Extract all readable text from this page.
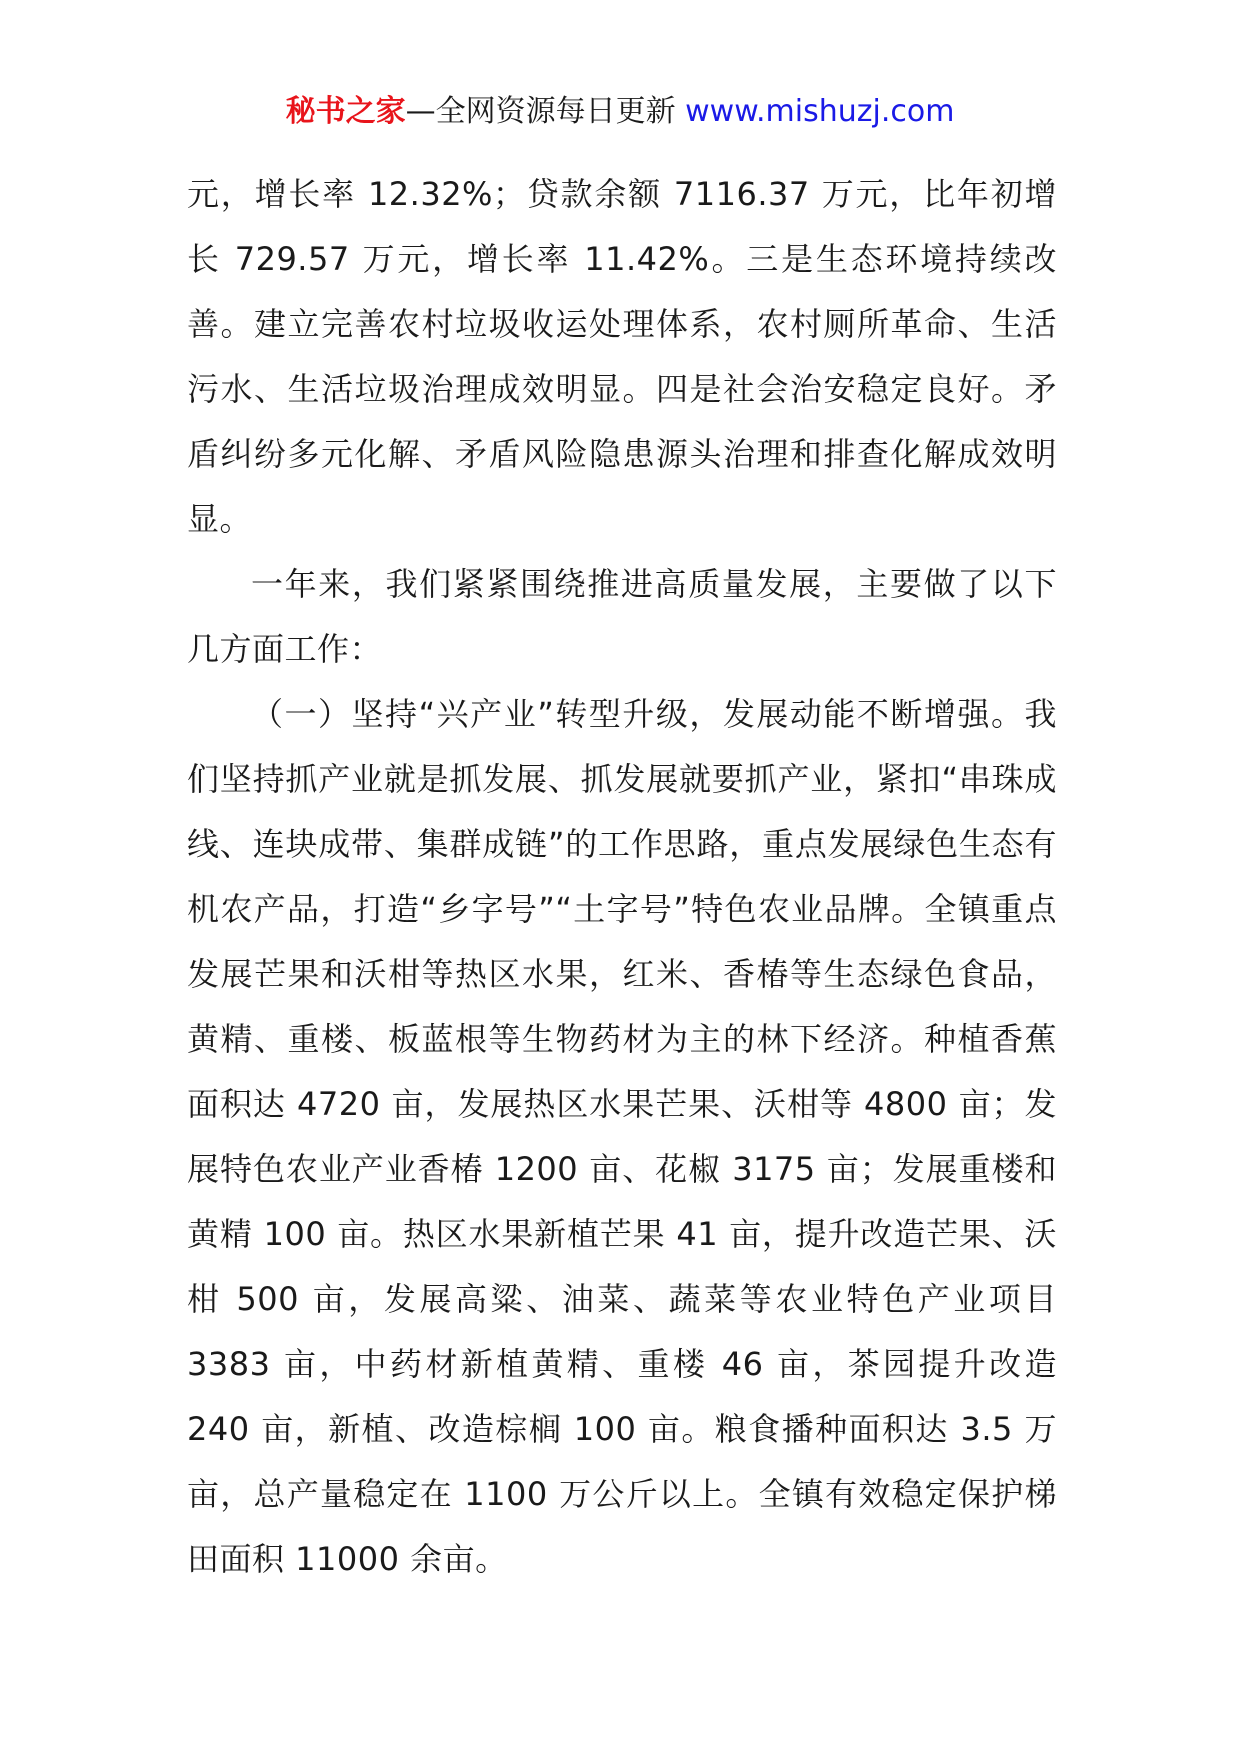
秘书之家—全网资源每日更新 www.mishuzj.com

元，增长率 12.32%；贷款余额 7116.37 万元，比年初增长 729.57 万元，增长率 11.42%。三是生态环境持续改善。建立完善农村垃圾收运处理体系，农村厕所革命、生活污水、生活垃圾治理成效明显。四是社会治安稳定良好。矛盾纠纷多元化解、矛盾风险隐患源头治理和排查化解成效明显。

一年来，我们紧紧围绕推进高质量发展，主要做了以下几方面工作：

（一）坚持“兴产业”转型升级，发展动能不断增强。我们坚持抓产业就是抓发展、抓发展就要抓产业，紧扣“串珠成线、连块成带、集群成链”的工作思路，重点发展绿色生态有机农产品，打造“乡字号”“土字号”特色农业品牌。全镇重点发展芒果和沃柑等热区水果，红米、香椿等生态绿色食品，黄精、重楼、板蓝根等生物药材为主的林下经济。种植香蕉面积达 4720 亩，发展热区水果芒果、沃柑等 4800 亩；发展特色农业产业香椿 1200 亩、花椒 3175 亩；发展重楼和黄精 100 亩。热区水果新植芒果 41 亩，提升改造芒果、沃柑 500 亩，发展高粱、油菜、蔬菜等农业特色产业项目 3383 亩，中药材新植黄精、重楼 46 亩，茶园提升改造 240 亩，新植、改造棕榈 100 亩。粮食播种面积达 3.5 万亩，总产量稳定在 1100 万公斤以上。全镇有效稳定保护梯田面积 11000 余亩。
